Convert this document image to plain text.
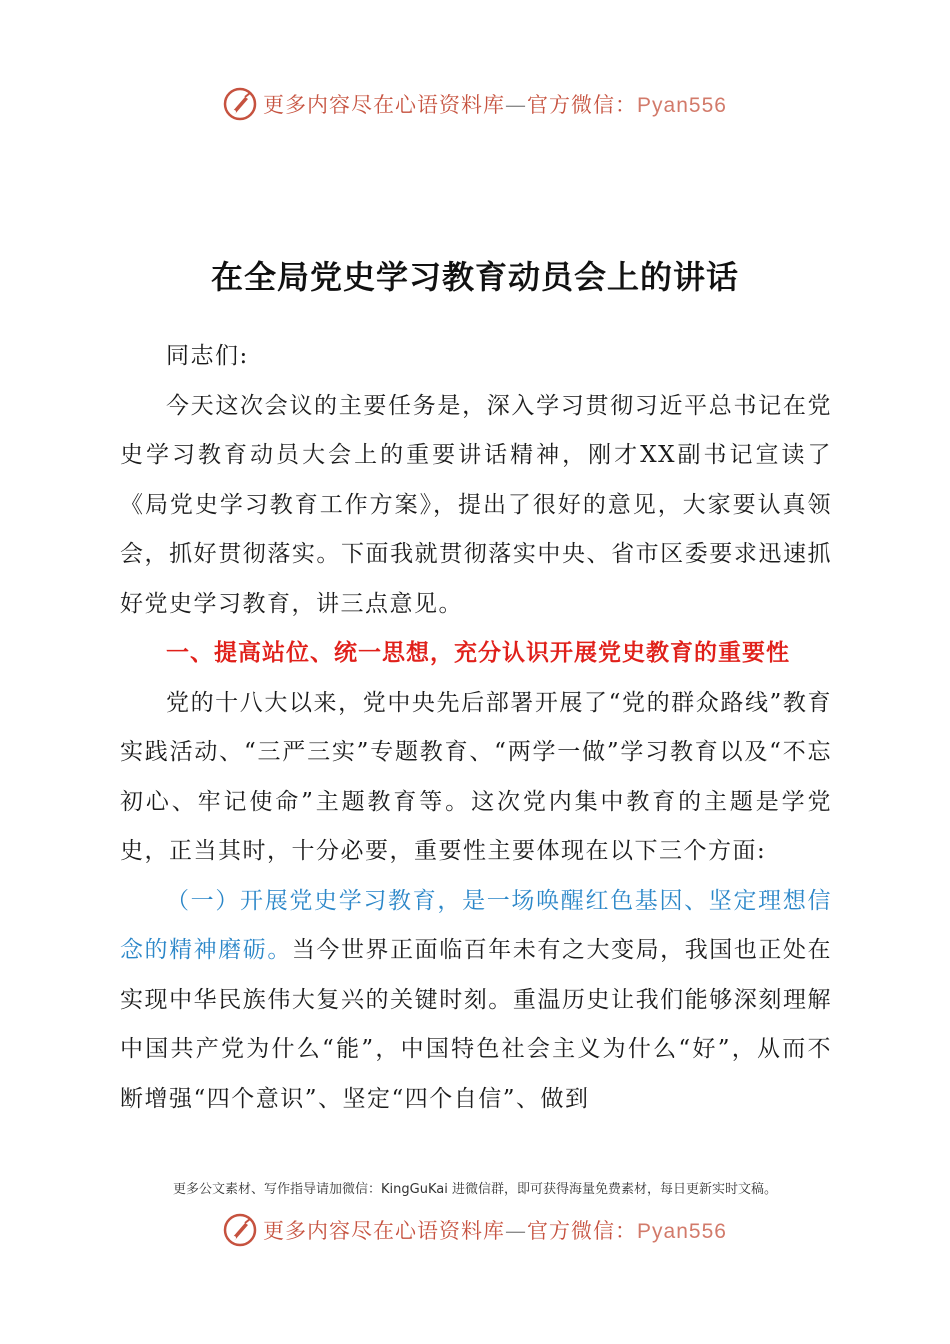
更多内容尽在心语资料库—官方微信：Pyan556
在全局党史学习教育动员会上的讲话

同志们:

今天这次会议的主要任务是，深入学习贯彻习近平总书记在党史学习教育动员大会上的重要讲话精神，刚才XX副书记宣读了《局党史学习教育工作方案》，提出了很好的意见，大家要认真领会，抓好贯彻落实。下面我就贯彻落实中央、省市区委要求迅速抓好党史学习教育，讲三点意见。

一、提高站位、统一思想，充分认识开展党史教育的重要性

党的十八大以来，党中央先后部署开展了“党的群众路线”教育实践活动、“三严三实”专题教育、“两学一做”学习教育以及“不忘初心、牢记使命”主题教育等。这次党内集中教育的主题是学党史，正当其时，十分必要，重要性主要体现在以下三个方面:

（一）开展党史学习教育，是一场唤醒红色基因、坚定理想信念的精神磨砺。当今世界正面临百年未有之大变局，我国也正处在实现中华民族伟大复兴的关键时刻。重温历史让我们能够深刻理解中国共产党为什么“能”，中国特色社会主义为什么“好”，从而不断增强“四个意识”、坚定“四个自信”、做到

更多公文素材、写作指导请加微信：KingGuKai 进微信群，即可获得海量免费素材，每日更新实时文稿。
更多内容尽在心语资料库—官方微信：Pyan556
